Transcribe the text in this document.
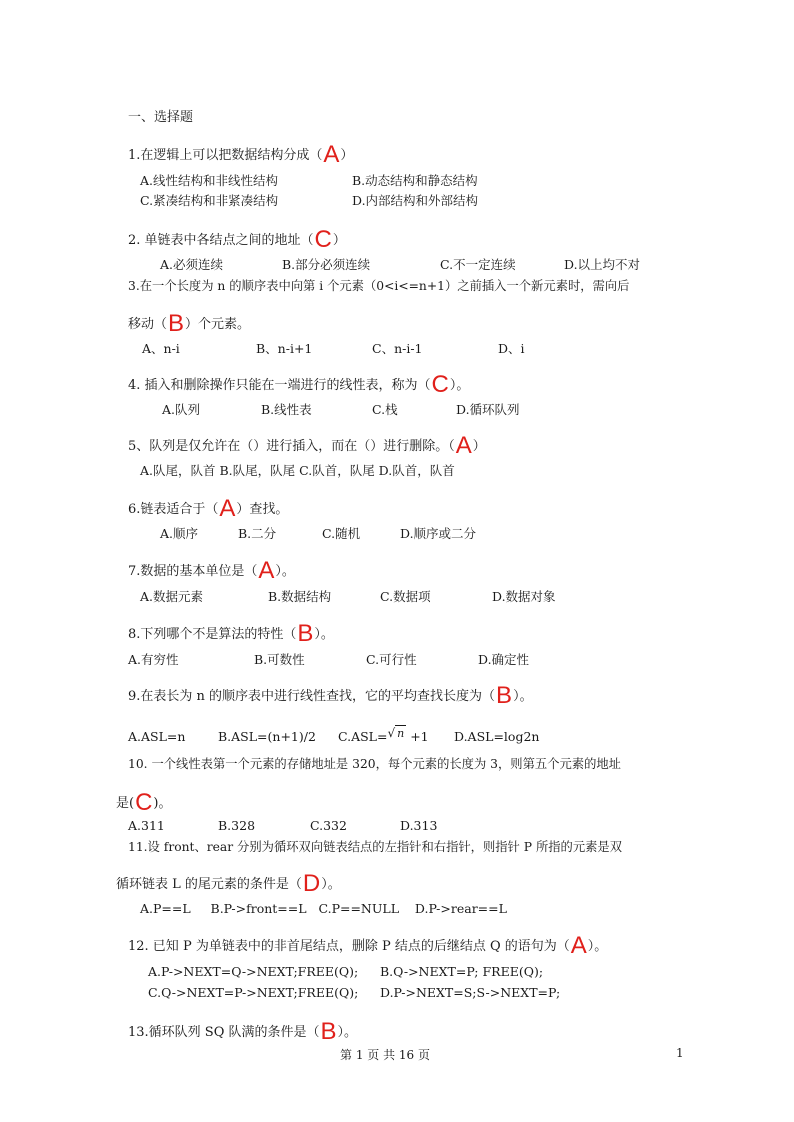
一、选择题
1.在逻辑上可以把数据结构分成（A）
A.线性结构和非线性结构	B.动态结构和静态结构
C.紧凑结构和非紧凑结构	D.内部结构和外部结构
2. 单链表中各结点之间的地址（C）
A.必须连续	B.部分必须连续	C.不一定连续	D.以上均不对
3.在一个长度为 n 的顺序表中向第 i 个元素（0<i<=n+1）之前插入一个新元素时，需向后
移动（B）个元素。
A、n-i	B、n-i+1	C、n-i-1	D、i
4. 插入和删除操作只能在一端进行的线性表，称为（C）。
A.队列	B.线性表	C.栈	D.循环队列
5、队列是仅允许在（）进行插入，而在（）进行删除。（A）
A.队尾，队首 B.队尾，队尾 C.队首，队尾 D.队首，队首
6.链表适合于（A）查找。
A.顺序	B.二分	C.随机	D.顺序或二分
7.数据的基本单位是（A）。
A.数据元素	B.数据结构	C.数据项	D.数据对象
8.下列哪个不是算法的特性（B）。
A.有穷性	B.可数性	C.可行性	D.确定性
9.在表长为 n 的顺序表中进行线性查找，它的平均查找长度为（B）。
A.ASL=n	B.ASL=(n+1)/2 C.ASL=√ n +1 D.ASL=log2n
10. 一个线性表第一个元素的存储地址是 320，每个元素的长度为 3，则第五个元素的地址
是(C)。
A.311	B.328	C.332	D.313
11.设 front、rear 分别为循环双向链表结点的左指针和右指针，则指针 P 所指的元素是双
循环链表 L 的尾元素的条件是（D）。
A.P==L     B.P->front==L   C.P==NULL    D.P->rear==L
12. 已知 P 为单链表中的非首尾结点，删除 P 结点的后继结点 Q 的语句为（A）。
A.P->NEXT=Q->NEXT;FREE(Q); B.Q->NEXT=P; FREE(Q);
C.Q->NEXT=P->NEXT;FREE(Q); D.P->NEXT=S;S->NEXT=P;
13.循环队列 SQ 队满的条件是（B）。
第 1 页 共 16 页	1
